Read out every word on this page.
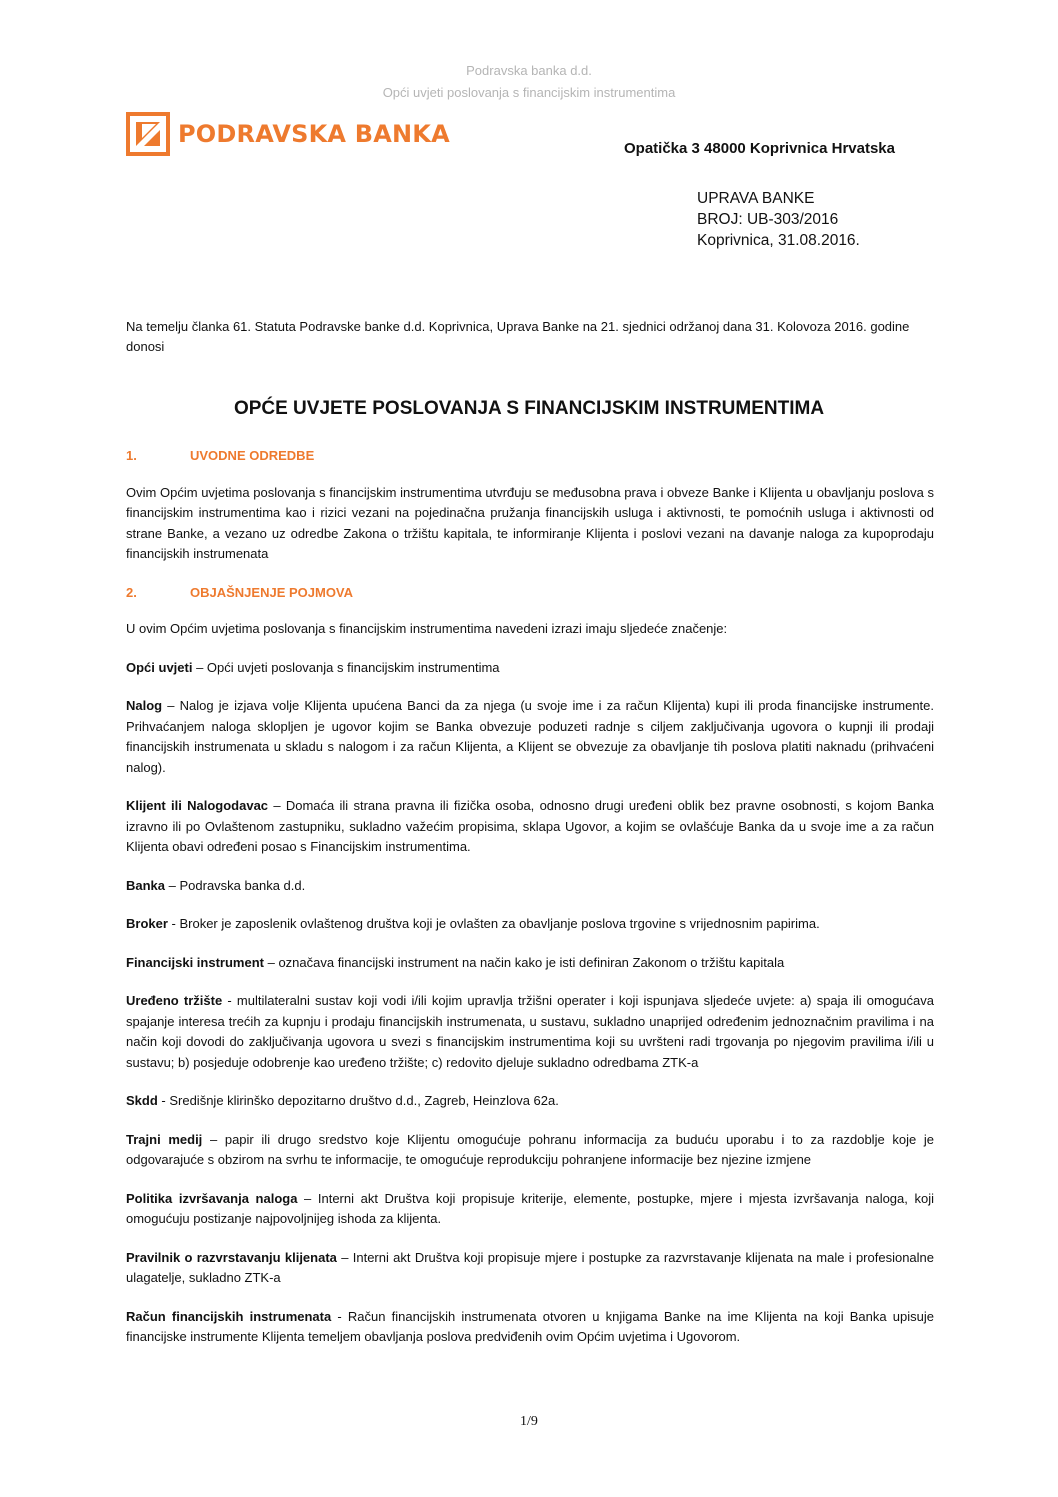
Podravska banka d.d.
Opći uvjeti poslovanja s financijskim instrumentima
PODRAVSKA BANKA
Opatička 3 48000 Koprivnica Hrvatska
UPRAVA BANKE
BROJ: UB-303/2016
Koprivnica, 31.08.2016.
Na temelju članka 61. Statuta Podravske banke d.d. Koprivnica, Uprava Banke na 21. sjednici održanoj dana 31. Kolovoza 2016. godine donosi
OPĆE UVJETE POSLOVANJA S FINANCIJSKIM INSTRUMENTIMA
1.	UVODNE ODREDBE
Ovim Općim uvjetima poslovanja s financijskim instrumentima utvrđuju se međusobna prava i obveze Banke i Klijenta u obavljanju poslova s financijskim instrumentima kao i rizici vezani na pojedinačna pružanja financijskih usluga i aktivnosti, te pomoćnih usluga i aktivnosti od strane Banke, a vezano uz odredbe Zakona o tržištu kapitala, te informiranje Klijenta i poslovi vezani na davanje naloga za kupoprodaju financijskih instrumenata
2.	OBJAŠNJENJE POJMOVA
U ovim Općim uvjetima poslovanja s financijskim instrumentima navedeni izrazi imaju sljedeće značenje:
Opći uvjeti – Opći uvjeti poslovanja s financijskim instrumentima
Nalog – Nalog je izjava volje Klijenta upućena Banci da za njega (u svoje ime i za račun Klijenta) kupi ili proda financijske instrumente. Prihvaćanjem naloga sklopljen je ugovor kojim se Banka obvezuje poduzeti radnje s ciljem zaključivanja ugovora o kupnji ili prodaji financijskih instrumenata u skladu s nalogom i za račun Klijenta, a Klijent se obvezuje za obavljanje tih poslova platiti naknadu (prihvaćeni nalog).
Klijent ili Nalogodavac – Domaća ili strana pravna ili fizička osoba, odnosno drugi uređeni oblik bez pravne osobnosti, s kojom Banka izravno ili po Ovlaštenom zastupniku, sukladno važećim propisima, sklapa Ugovor, a kojim se ovlašćuje Banka da u svoje ime a za račun Klijenta obavi određeni posao s Financijskim instrumentima.
Banka – Podravska banka d.d.
Broker - Broker je zaposlenik ovlaštenog društva koji je ovlašten za obavljanje poslova trgovine s vrijednosnim papirima.
Financijski instrument – označava financijski instrument na način kako je isti definiran Zakonom o tržištu kapitala
Uređeno tržište - multilateralni sustav koji vodi i/ili kojim upravlja tržišni operater i koji ispunjava sljedeće uvjete: a) spaja ili omogućava spajanje interesa trećih za kupnju i prodaju financijskih instrumenata, u sustavu, sukladno unaprijed određenim jednoznačnim pravilima i na način koji dovodi do zaključivanja ugovora u svezi s financijskim instrumentima koji su uvršteni radi trgovanja po njegovim pravilima i/ili u sustavu; b) posjeduje odobrenje kao uređeno tržište; c) redovito djeluje sukladno odredbama ZTK-a
Skdd - Središnje klirinško depozitarno društvo d.d., Zagreb, Heinzlova 62a.
Trajni medij – papir ili drugo sredstvo koje Klijentu omogućuje pohranu informacija za buduću uporabu i to za razdoblje koje je odgovarajuće s obzirom na svrhu te informacije, te omogućuje reprodukciju pohranjene informacije bez njezine izmjene
Politika izvršavanja naloga – Interni akt Društva koji propisuje kriterije, elemente, postupke, mjere i mjesta izvršavanja naloga, koji omogućuju postizanje najpovoljnijeg ishoda za klijenta.
Pravilnik o razvrstavanju klijenata – Interni akt Društva koji propisuje mjere i postupke za razvrstavanje klijenata na male i profesionalne ulagatelje, sukladno ZTK-a
Račun financijskih instrumenata - Račun financijskih instrumenata otvoren u knjigama Banke na ime Klijenta na koji Banka upisuje financijske instrumente Klijenta temeljem obavljanja poslova predviđenih ovim Općim uvjetima i Ugovorom.
1/9
